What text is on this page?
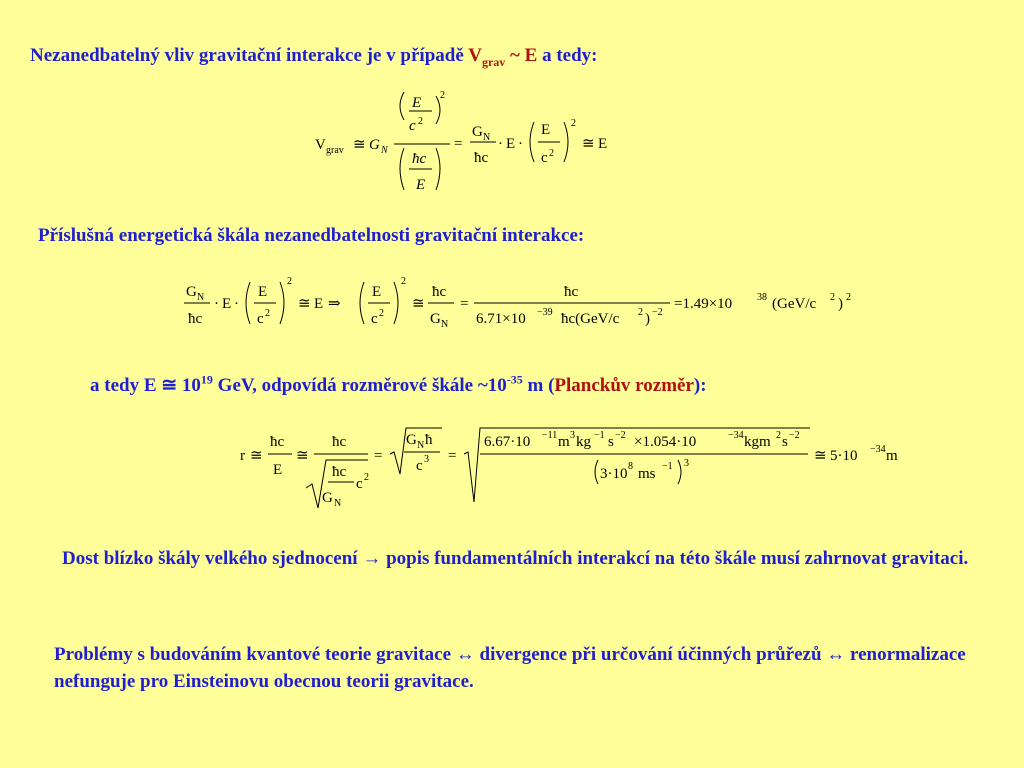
Nezanedbatelný vliv gravitační interakce je v případě $V_{grav}$ ~ E a tedy:
V grav ≅ G N
E
c 2
2
ħc
E
=
G N
ħc
· E ·
E
c 2
2
≅ E
Příslušná energetická škála nezanedbatelnosti gravitační interakce:
G N
ħc
· E ·
E
c 2
2
≅ E ⇒
E
c 2
2
≅
ħc
G N
=
ħc
6.71×10 −39 ħc(GeV/c 2 ) −2
=1.49×10 38 (GeV/c 2 ) 2
a tedy E ≅ $10^{19}$ GeV, odpovídá rozměrové škále $\sim 10^{-35}$ m (Planckův rozměr):
r ≅
ħc
E
≅
ħc
ħc
G N
c 2
=
G N ħ
c 3 =
6.67·10 −11 m 3 kg −1 s −2 ×1.054·10	−34 kgm 2 s −2
3·10 8 ms −1 3	≅ 5·10 −34 m
Dost blízko škály velkého sjednocení → popis fundamentálních interakcí na této škále musí zahrnovat gravitaci.
Problémy s budováním kvantové teorie gravitace ↔ divergence při určování účinných průřezů ↔ renormalizace nefunguje pro Einsteinovu obecnou teorii gravitace.
